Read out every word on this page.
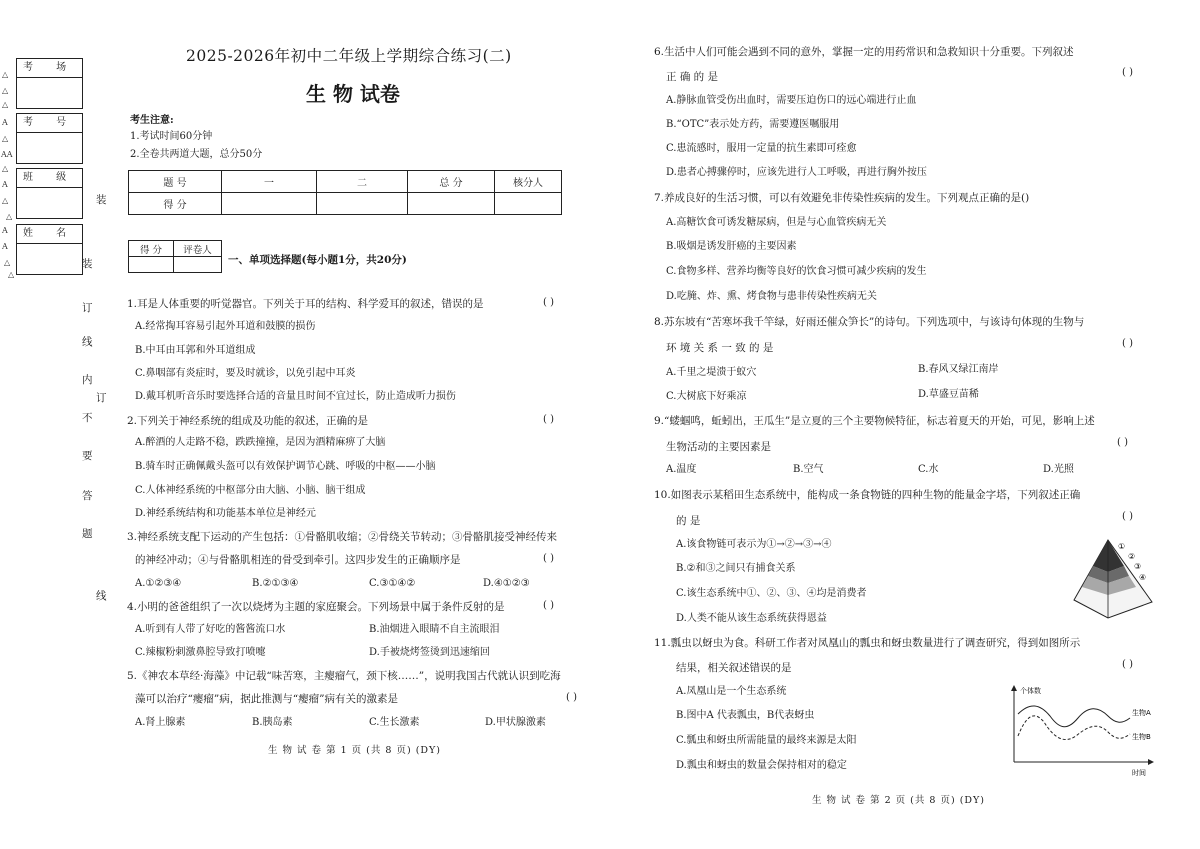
考 场
考 号
班 级
姓 名
△
△
△
A
△
AA
△
A
△
△
A
A
△
△
装
装
订
线
内
订
不
要
答
题
线
2025-2026年初中二年级上学期综合练习(二)
生 物 试卷
考生注意:
1.考试时间60分钟
2.全卷共两道大题，总分50分
题 号	一	二	总 分	核分人
得 分				
得 分	评卷人

一、单项选择题(每小题1分，共20分)
1.耳是人体重要的听觉器官。下列关于耳的结构、科学爱耳的叙述，错误的是	( )
A.经常掏耳容易引起外耳道和鼓膜的损伤
B.中耳由耳郭和外耳道组成
C.鼻咽部有炎症时，要及时就诊，以免引起中耳炎
D.戴耳机听音乐时要选择合适的音量且时间不宜过长，防止造成听力损伤
2.下列关于神经系统的组成及功能的叙述，正确的是	( )
A.醉酒的人走路不稳，跌跌撞撞，是因为酒精麻痹了大脑
B.骑车时正确佩戴头盔可以有效保护调节心跳、呼吸的中枢——小脑
C.人体神经系统的中枢部分由大脑、小脑、脑干组成
D.神经系统结构和功能基本单位是神经元
3.神经系统支配下运动的产生包括：①骨骼肌收缩；②骨绕关节转动；③骨骼肌接受神经传来
的神经冲动；④与骨骼肌相连的骨受到牵引。这四步发生的正确顺序是	( )
A.①②③④	B.②①③④	C.③①④②	D.④①②③
4.小明的爸爸组织了一次以烧烤为主题的家庭聚会。下列场景中属于条件反射的是	( )
A.听到有人带了好吃的酱酱流口水	B.油烟进入眼睛不自主流眼泪
C.辣椒粉刺激鼻腔导致打喷嚏	D.手被烧烤签烫到迅速缩回
5.《神农本草经·海藻》中记载“味苦寒，主瘿瘤气，颈下核……”，说明我国古代就认识到吃海
藻可以治疗“瘿瘤”病，据此推测与“瘿瘤”病有关的激素是	( )
A.肾上腺素	B.胰岛素	C.生长激素	D.甲状腺激素
生 物 试 卷 第 1 页 (共 8 页) (DY)
6.生活中人们可能会遇到不同的意外，掌握一定的用药常识和急救知识十分重要。下列叙述
正 确 的 是	( )
A.静脉血管受伤出血时，需要压迫伤口的远心端进行止血
B.“OTC”表示处方药，需要遵医嘱服用
C.患流感时，服用一定量的抗生素即可痊愈
D.患者心搏骤停时，应该先进行人工呼吸，再进行胸外按压
7.养成良好的生活习惯，可以有效避免非传染性疾病的发生。下列观点正确的是()
A.高糖饮食可诱发糖尿病，但是与心血管疾病无关
B.吸烟是诱发肝癌的主要因素
C.食物多样、营养均衡等良好的饮食习惯可减少疾病的发生
D.吃腌、炸、熏、烤食物与患非传染性疾病无关
8.苏东坡有“苦寒坏我千竿绿，好雨还催众笋长”的诗句。下列选项中，与该诗句体现的生物与
环 境 关 系 一 致 的 是	( )
A.千里之堤溃于蚁穴	B.春风又绿江南岸
C.大树底下好乘凉	D.草盛豆苗稀
9.“蝼蝈鸣，蚯蚓出，王瓜生”是立夏的三个主要物候特征，标志着夏天的开始，可见，影响上述
生物活动的主要因素是	( )
A.温度	B.空气	C.水	D.光照
10.如图表示某稻田生态系统中，能构成一条食物链的四种生物的能量金字塔，下列叙述正确
的 是	( )
A.该食物链可表示为①→②→③→④
B.②和③之间只有捕食关系
C.该生态系统中①、②、③、④均是消费者
D.人类不能从该生态系统获得恩益
①
②
③
④
11.瓢虫以蚜虫为食。科研工作者对凤凰山的瓢虫和蚜虫数量进行了调查研究，得到如图所示
结果，相关叙述错误的是	( )
A.凤凰山是一个生态系统
B.图中A 代表瓢虫，B代表蚜虫
C.瓢虫和蚜虫所需能量的最终来源是太阳
D.瓢虫和蚜虫的数量会保持相对的稳定
个体数
时间
生物A
生物B
生 物 试 卷 第 2 页 (共 8 页) (DY)
